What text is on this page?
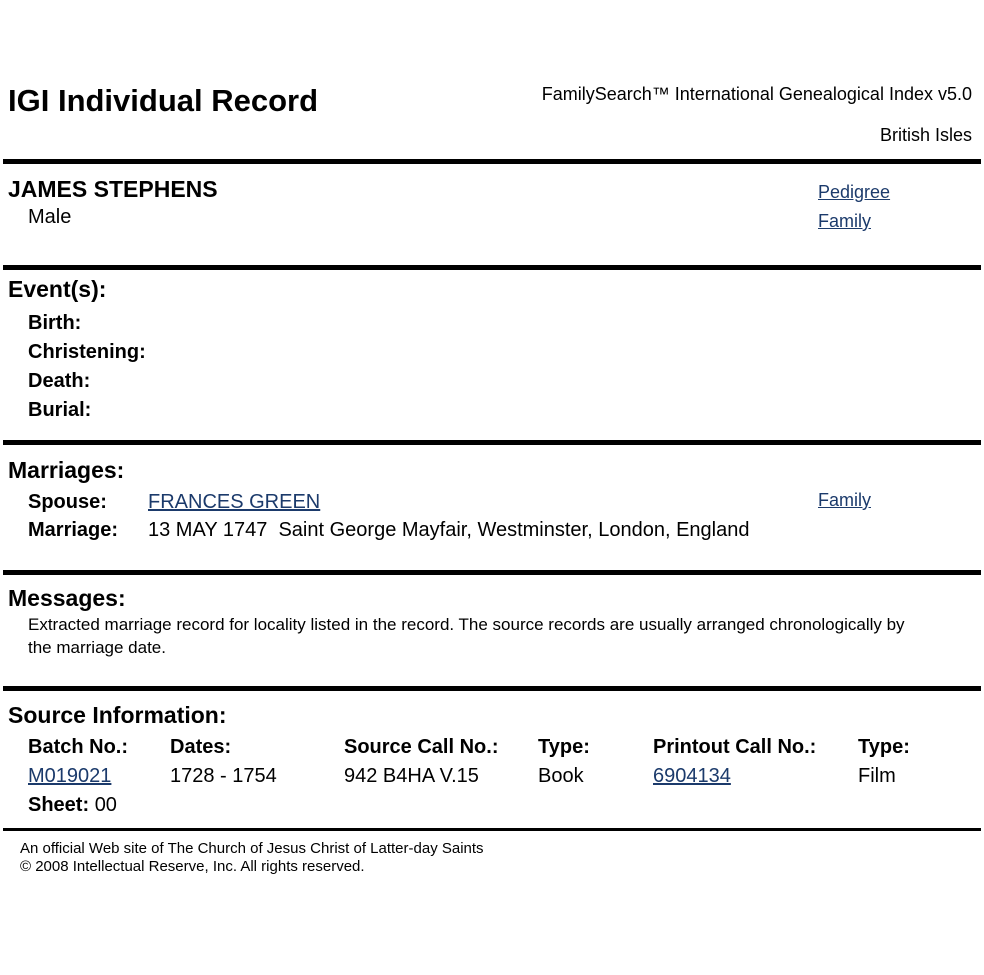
IGI Individual Record	FamilySearch™ International Genealogical Index v5.0
British Isles
JAMES STEPHENS
Male
Pedigree
Family
Event(s):
Birth:
Christening:
Death:
Burial:
Marriages:
Spouse: FRANCES GREEN
Marriage: 13 MAY 1747  Saint George Mayfair, Westminster, London, England
Family
Messages:
Extracted marriage record for locality listed in the record. The source records are usually arranged chronologically by the marriage date.
Source Information:
Batch No.:	Dates:	Source Call No.:	Type:	Printout Call No.:	Type:
M019021	1728 - 1754	942 B4HA V.15	Book	6904134	Film
Sheet: 00
An official Web site of The Church of Jesus Christ of Latter-day Saints
© 2008 Intellectual Reserve, Inc. All rights reserved.
